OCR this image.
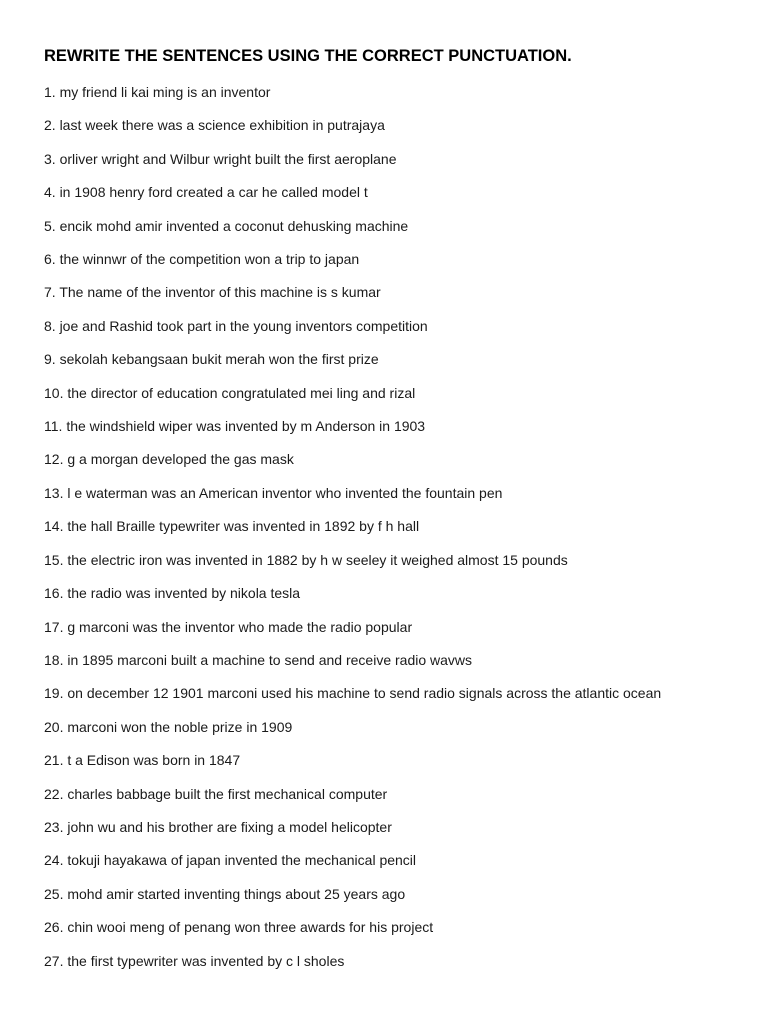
REWRITE THE SENTENCES USING THE CORRECT PUNCTUATION.
1. my friend li kai ming is an inventor
2. last week there was a science exhibition in putrajaya
3. orliver wright and Wilbur wright built the first aeroplane
4. in 1908 henry ford created a car he called model t
5. encik mohd amir invented a coconut dehusking machine
6. the winnwr of the competition won a trip to japan
7. The name of the inventor of this machine is s kumar
8. joe and Rashid took part in the young inventors competition
9. sekolah kebangsaan bukit merah won the first prize
10. the director of education congratulated mei ling and rizal
11. the windshield wiper was invented by m Anderson in 1903
12. g a morgan developed the gas mask
13. l e waterman was an American inventor who invented the fountain pen
14. the hall Braille typewriter was invented in 1892 by f h hall
15. the electric iron was invented in 1882 by h w seeley it weighed almost 15 pounds
16. the radio was invented by nikola tesla
17. g marconi was the inventor who made the radio popular
18. in 1895 marconi built a machine to send and receive radio wavws
19. on december 12 1901 marconi used his machine to send radio signals across the atlantic ocean
20. marconi won the noble prize in 1909
21. t a Edison was born in 1847
22. charles babbage built the first mechanical computer
23. john wu and his brother are fixing a model helicopter
24. tokuji hayakawa of japan invented the mechanical pencil
25. mohd amir started inventing things about 25 years ago
26. chin wooi meng of penang won three awards for his project
27. the first typewriter was invented by c l sholes
